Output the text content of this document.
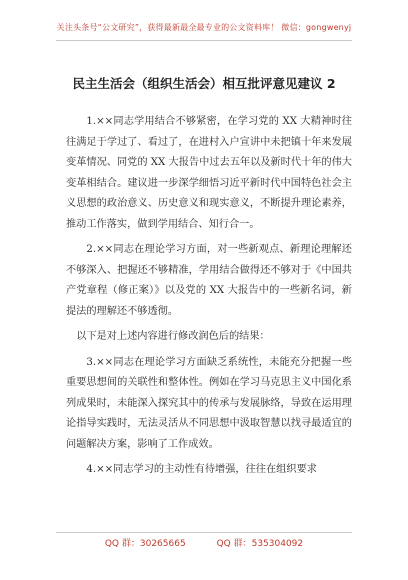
关注头条号“公文研究”，获得最新最全最专业的公文资料库！ 微信：gongwenyj
民主生活会（组织生活会）相互批评意见建议 2

1.××同志学用结合不够紧密，在学习党的 XX 大精神时往往满足于学过了、看过了，在进村入户宣讲中未把镇十年来发展变革情况、同党的 XX 大报告中过去五年以及新时代十年的伟大变革相结合。建议进一步深学细悟习近平新时代中国特色社会主义思想的政治意义、历史意义和现实意义，不断提升理论素养，推动工作落实，做到学用结合、知行合一。

2.××同志在理论学习方面，对一些新观点、新理论理解还不够深入、把握还不够精准，学用结合做得还不够对于《中国共产党章程（修正案）》以及党的 XX 大报告中的一些新名词，新提法的理解还不够透彻。

以下是对上述内容进行修改润色后的结果：

3.××同志在理论学习方面缺乏系统性，未能充分把握一些重要思想间的关联性和整体性。例如在学习马克思主义中国化系列成果时，未能深入探究其中的传承与发展脉络，导致在运用理论指导实践时，无法灵活从不同思想中汲取智慧以找寻最适宜的问题解决方案，影响了工作成效。

4.××同志学习的主动性有待增强，往往在组织要求

QQ 群：30265665	QQ 群：535304092
